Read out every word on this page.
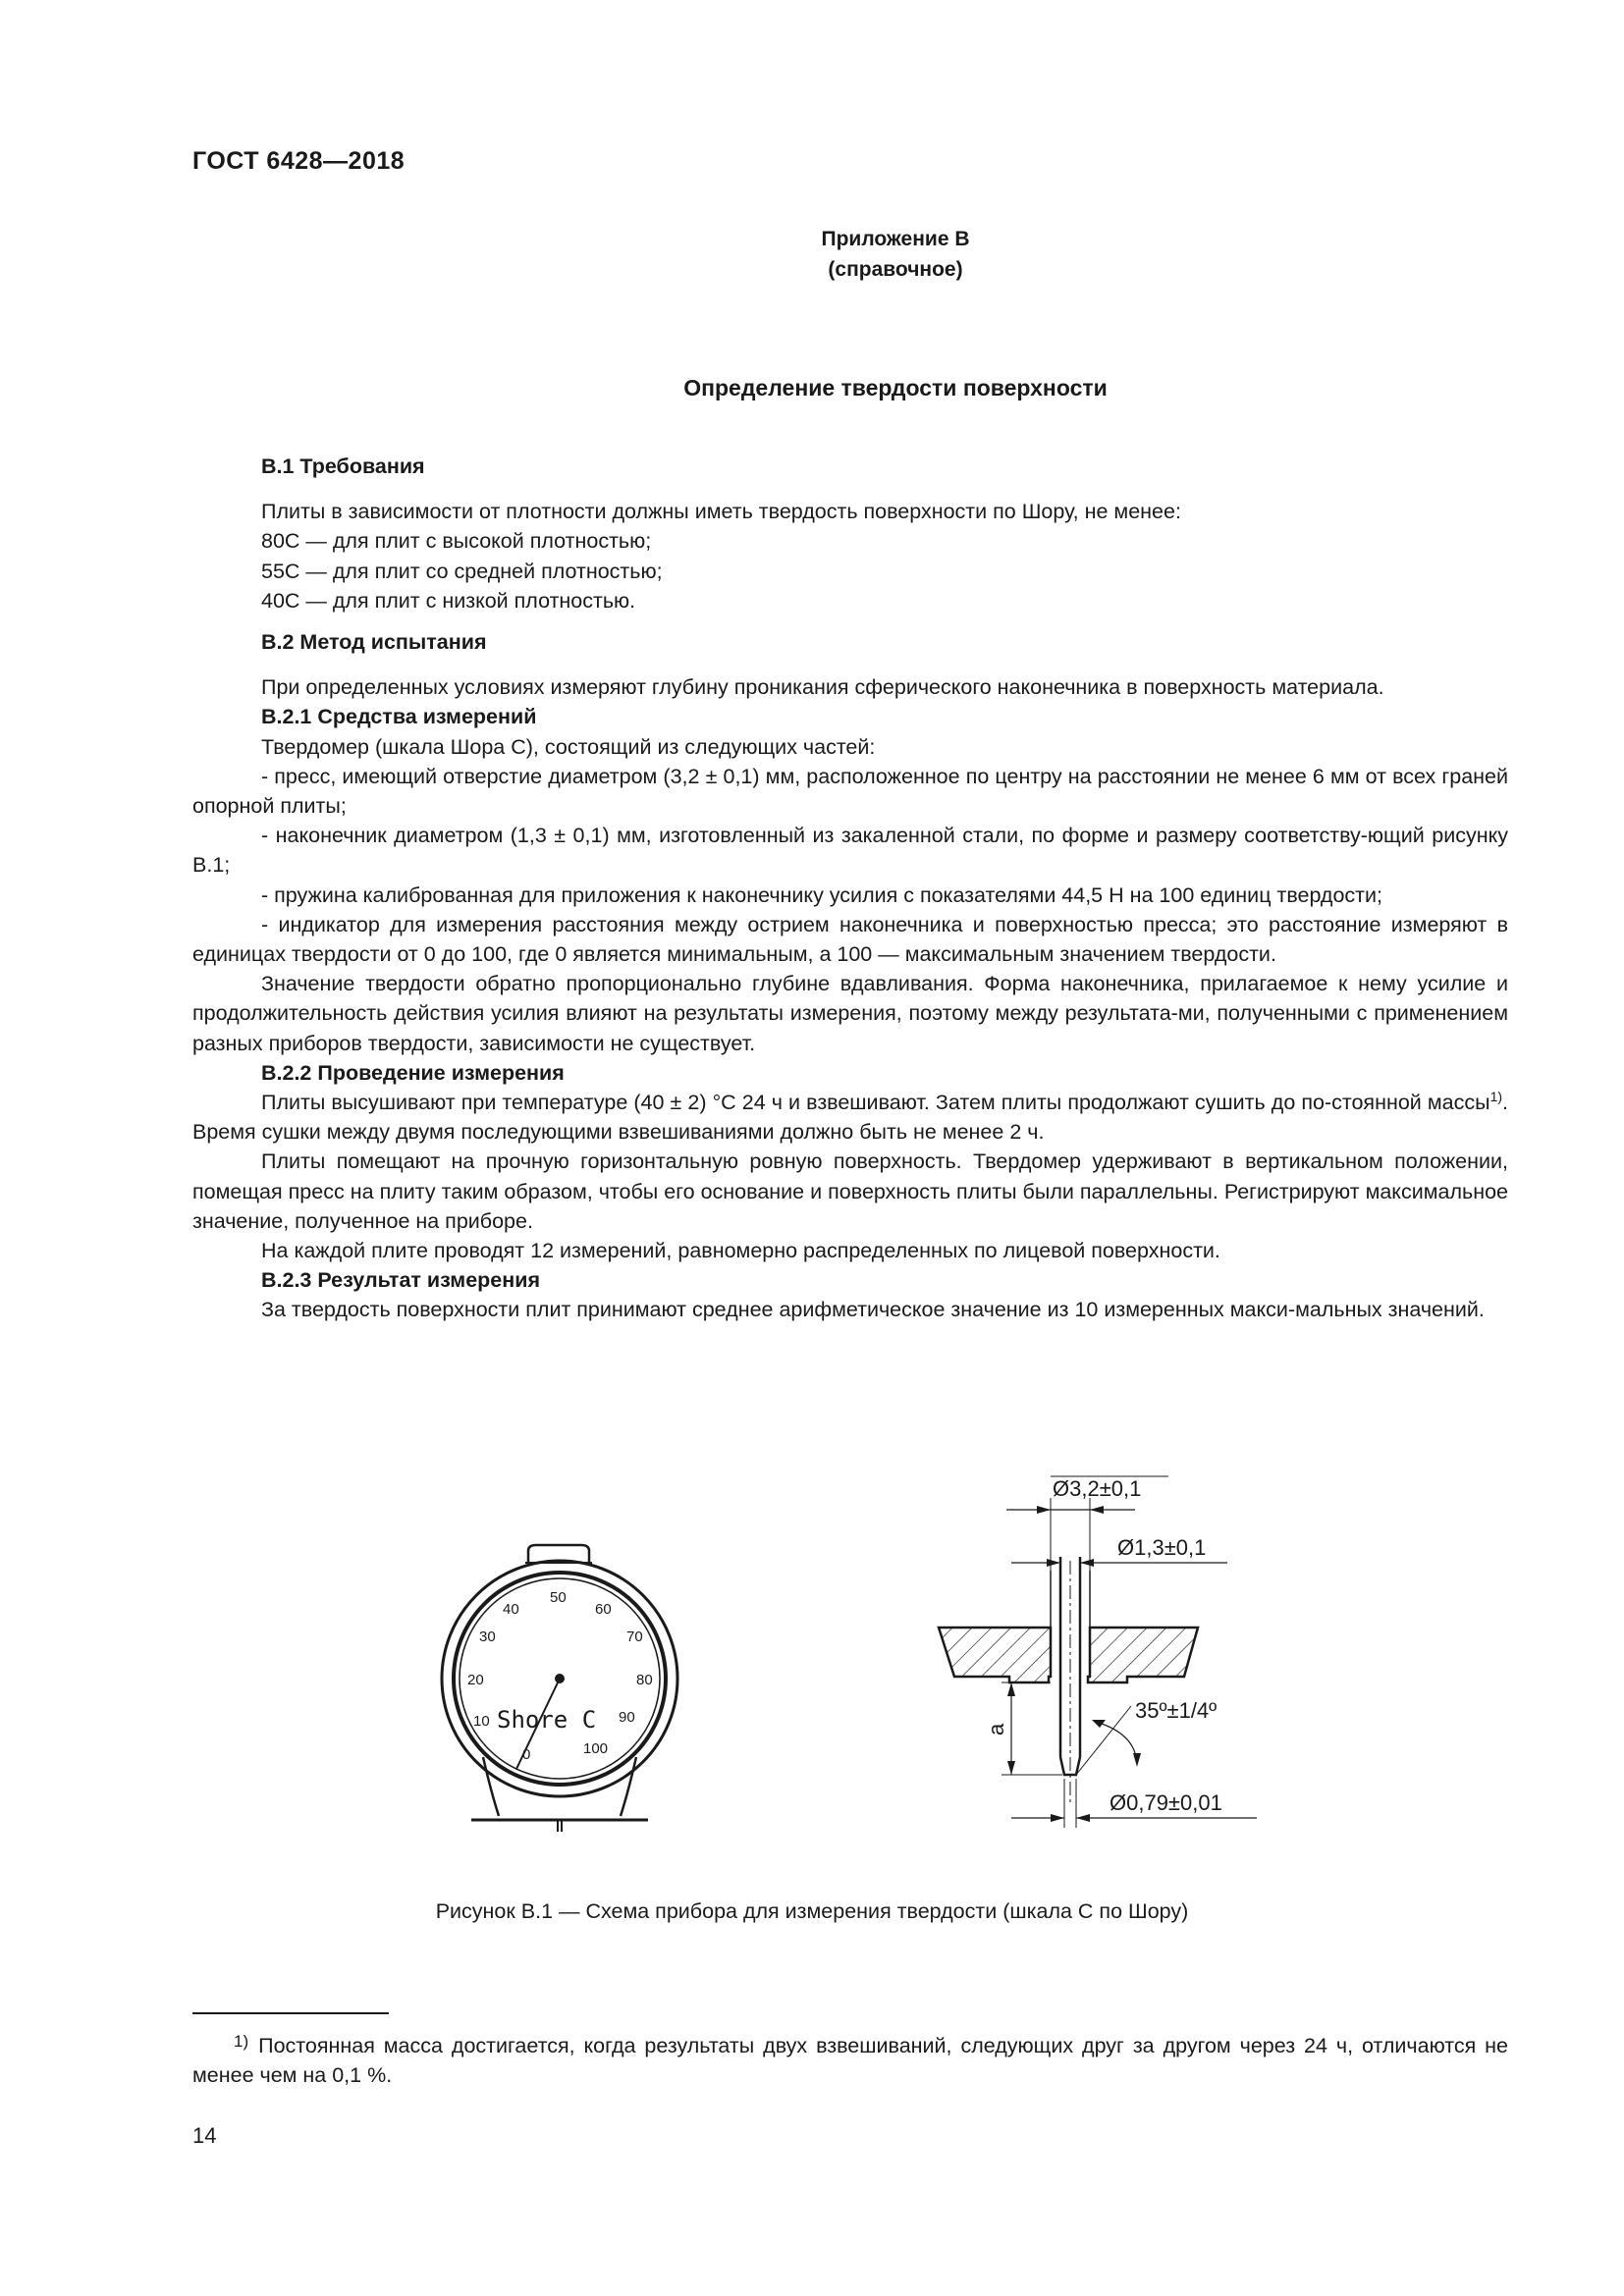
ГОСТ 6428—2018
Приложение В
(справочное)
Определение твердости поверхности

В.1 Требования

Плиты в зависимости от плотности должны иметь твердость поверхности по Шору, не менее:

80С — для плит с высокой плотностью;

55С — для плит со средней плотностью;

40С — для плит с низкой плотностью.

В.2 Метод испытания

При определенных условиях измеряют глубину проникания сферического наконечника в поверхность материала.

В.2.1 Средства измерений

Твердомер (шкала Шора С), состоящий из следующих частей:

- пресс, имеющий отверстие диаметром (3,2 ± 0,1) мм, расположенное по центру на расстоянии не менее 6 мм от всех граней опорной плиты;

- наконечник диаметром (1,3 ± 0,1) мм, изготовленный из закаленной стали, по форме и размеру соответству-ющий рисунку В.1;

- пружина калиброванная для приложения к наконечнику усилия с показателями 44,5 Н на 100 единиц твердости;

- индикатор для измерения расстояния между острием наконечника и поверхностью пресса; это расстояние измеряют в единицах твердости от 0 до 100, где 0 является минимальным, а 100 — максимальным значением твердости.

Значение твердости обратно пропорционально глубине вдавливания. Форма наконечника, прилагаемое к нему усилие и продолжительность действия усилия влияют на результаты измерения, поэтому между результата-ми, полученными с применением разных приборов твердости, зависимости не существует.

В.2.2 Проведение измерения

Плиты высушивают при температуре (40 ± 2) °С 24 ч и взвешивают. Затем плиты продолжают сушить до по-стоянной массы$^{1)}$. Время сушки между двумя последующими взвешиваниями должно быть не менее 2 ч.

Плиты помещают на прочную горизонтальную ровную поверхность. Твердомер удерживают в вертикальном положении, помещая пресс на плиту таким образом, чтобы его основание и поверхность плиты были параллельны. Регистрируют максимальное значение, полученное на приборе.

На каждой плите проводят 12 измерений, равномерно распределенных по лицевой поверхности.

В.2.3 Результат измерения

За твердость поверхности плит принимают среднее арифметическое значение из 10 измеренных макси-мальных значений.

0
10
20
30
40
50
60
70
80
90
100
Shore C
Ø3,2±0,1
Ø1,3±0,1
35º±1/4º
a
Ø0,79±0,01
Рисунок В.1 — Схема прибора для измерения твердости (шкала С по Шору)
$^{1)}$ Постоянная масса достигается, когда результаты двух взвешиваний, следующих друг за другом через 24 ч, отличаются не менее чем на 0,1 %.
14
